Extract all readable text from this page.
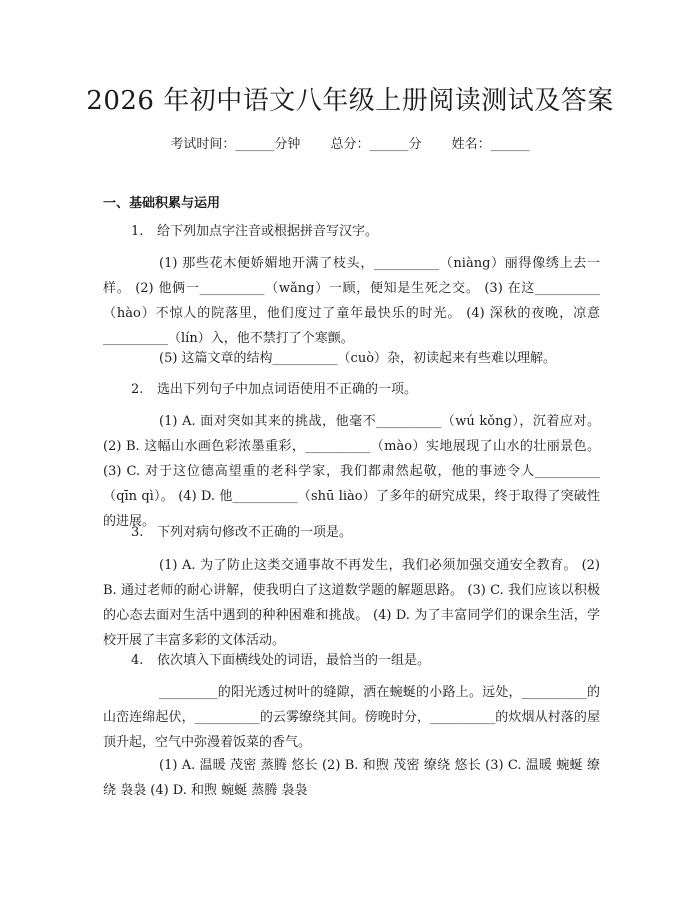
2026 年初中语文八年级上册阅读测试及答案
考试时间：______分钟 总分：______分 姓名：______
一、基础积累与运用
1. 给下列加点字注音或根据拼音写汉字。
(1) 那些花木便娇媚地开满了枝头，__________（niàng）丽得像绣上去一样。 (2) 他俩一__________（wǎng）一顾，便知是生死之交。 (3) 在这__________（hào）不惊人的院落里，他们度过了童年最快乐的时光。 (4) 深秋的夜晚，凉意__________（lín）入，他不禁打了个寒颤。
(5) 这篇文章的结构__________（cuò）杂，初读起来有些难以理解。
2. 选出下列句子中加点词语使用不正确的一项。
(1) A. 面对突如其来的挑战，他毫不__________（wú kǒng），沉着应对。 (2) B. 这幅山水画色彩浓墨重彩，__________（mào）实地展现了山水的壮丽景色。 (3) C. 对于这位德高望重的老科学家，我们都肃然起敬，他的事迹令人__________（qīn qì）。 (4) D. 他__________（shū liào）了多年的研究成果，终于取得了突破性的进展。
3. 下列对病句修改不正确的一项是。
(1) A. 为了防止这类交通事故不再发生，我们必须加强交通安全教育。 (2) B. 通过老师的耐心讲解，使我明白了这道数学题的解题思路。 (3) C. 我们应该以积极的心态去面对生活中遇到的种种困难和挑战。 (4) D. 为了丰富同学们的课余生活，学校开展了丰富多彩的文体活动。
4. 依次填入下面横线处的词语，最恰当的一组是。
_________的阳光透过树叶的缝隙，洒在蜿蜒的小路上。远处，__________的山峦连绵起伏，__________的云雾缭绕其间。傍晚时分，__________的炊烟从村落的屋顶升起，空气中弥漫着饭菜的香气。
(1) A. 温暖 茂密 蒸腾 悠长 (2) B. 和煦 茂密 缭绕 悠长 (3) C. 温暖 蜿蜒 缭绕 袅袅 (4) D. 和煦 蜿蜒 蒸腾 袅袅
